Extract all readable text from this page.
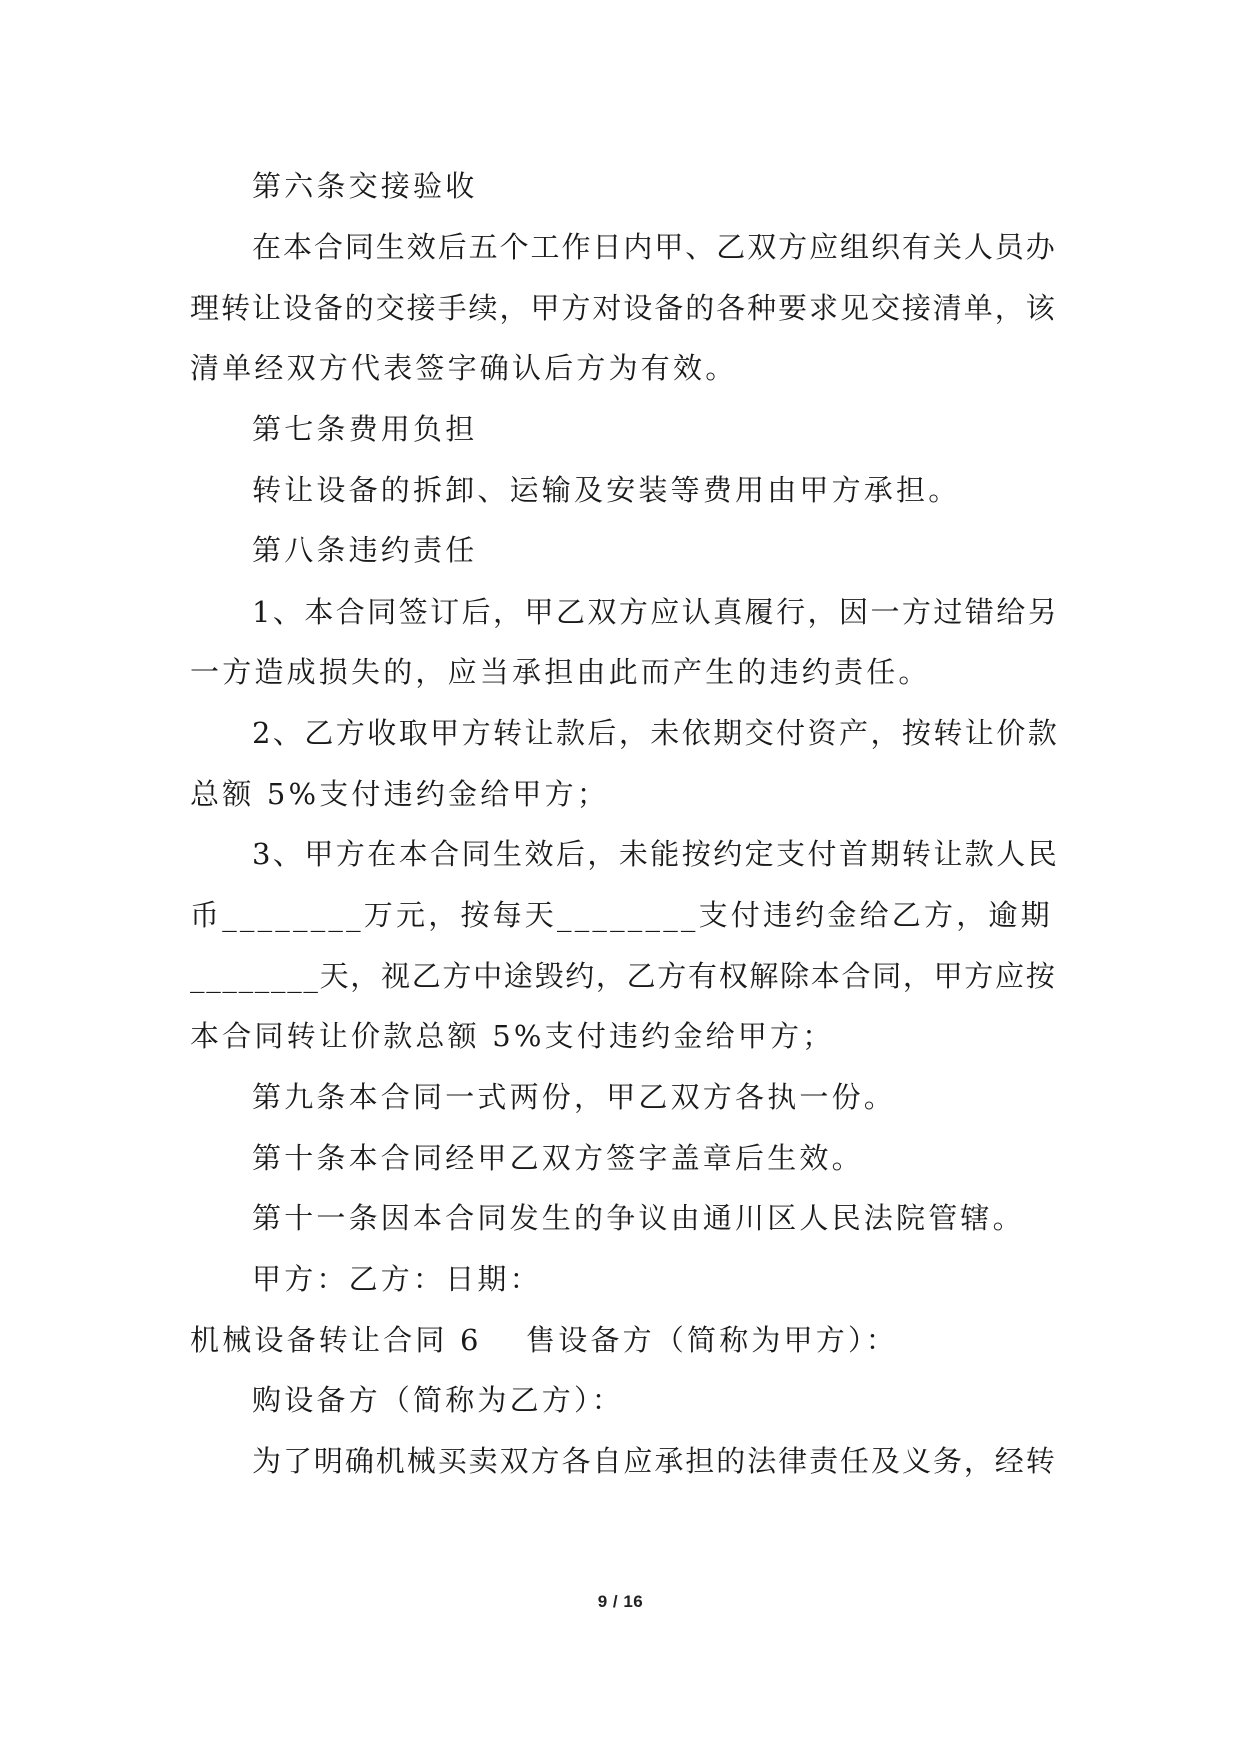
第六条交接验收
在本合同生效后五个工作日内甲、乙双方应组织有关人员办
理转让设备的交接手续，甲方对设备的各种要求见交接清单，该
清单经双方代表签字确认后方为有效。
第七条费用负担
转让设备的拆卸、运输及安装等费用由甲方承担。
第八条违约责任
1、本合同签订后，甲乙双方应认真履行，因一方过错给另
一方造成损失的，应当承担由此而产生的违约责任。
2、乙方收取甲方转让款后，未依期交付资产，按转让价款
总额 5%支付违约金给甲方；
3、甲方在本合同生效后，未能按约定支付首期转让款人民
币________万元，按每天________支付违约金给乙方，逾期
________天，视乙方中途毁约，乙方有权解除本合同，甲方应按
本合同转让价款总额 5%支付违约金给甲方；
第九条本合同一式两份，甲乙双方各执一份。
第十条本合同经甲乙双方签字盖章后生效。
第十一条因本合同发生的争议由通川区人民法院管辖。
甲方：乙方：日期：
机械设备转让合同 6 售设备方（简称为甲方）：
购设备方（简称为乙方）：
为了明确机械买卖双方各自应承担的法律责任及义务，经转
9 / 16
